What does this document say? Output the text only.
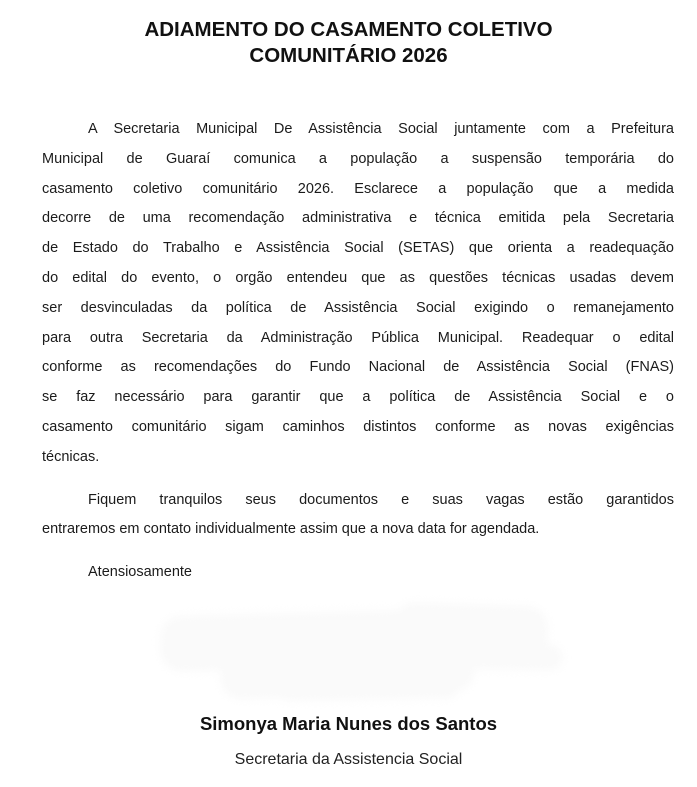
ADIAMENTO DO CASAMENTO COLETIVO
COMUNITÁRIO 2026
A Secretaria Municipal De Assistência Social juntamente com a Prefeitura
Municipal de Guaraí comunica a população a suspensão temporária do
casamento coletivo comunitário 2026. Esclarece a população que a medida
decorre de uma recomendação administrativa e técnica emitida pela Secretaria
de Estado do Trabalho e Assistência Social (SETAS) que orienta a readequação
do edital do evento, o orgão entendeu que as questões técnicas usadas devem
ser desvinculadas da política de Assistência Social exigindo o remanejamento
para outra Secretaria da Administração Pública Municipal. Readequar o edital
conforme as recomendações do Fundo Nacional de Assistência Social (FNAS)
se faz necessário para garantir que a política de Assistência Social e o
casamento comunitário sigam caminhos distintos conforme as novas exigências
técnicas.
Fiquem tranquilos seus documentos e suas vagas estão garantidos
entraremos em contato individualmente assim que a nova data for agendada.
Atensiosamente
Simonya Maria Nunes dos Santos
Secretaria da Assistencia Social
